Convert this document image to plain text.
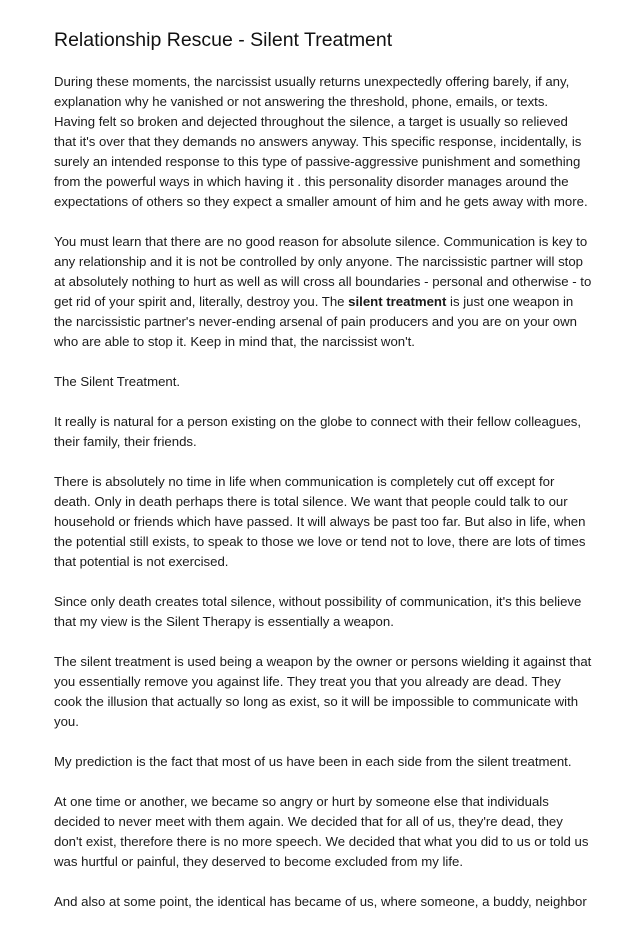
Relationship Rescue - Silent Treatment

During these moments, the narcissist usually returns unexpectedly offering barely, if any, explanation why he vanished or not answering the threshold, phone, emails, or texts. Having felt so broken and dejected throughout the silence, a target is usually so relieved that it's over that they demands no answers anyway. This specific response, incidentally, is surely an intended response to this type of passive-aggressive punishment and something from the powerful ways in which having it . this personality disorder manages around the expectations of others so they expect a smaller amount of him and he gets away with more.

You must learn that there are no good reason for absolute silence. Communication is key to any relationship and it is not be controlled by only anyone. The narcissistic partner will stop at absolutely nothing to hurt as well as will cross all boundaries - personal and otherwise - to get rid of your spirit and, literally, destroy you. The silent treatment is just one weapon in the narcissistic partner's never-ending arsenal of pain producers and you are on your own who are able to stop it. Keep in mind that, the narcissist won't.

The Silent Treatment.

It really is natural for a person existing on the globe to connect with their fellow colleagues, their family, their friends.

There is absolutely no time in life when communication is completely cut off except for death. Only in death perhaps there is total silence. We want that people could talk to our household or friends which have passed. It will always be past too far. But also in life, when the potential still exists, to speak to those we love or tend not to love, there are lots of times that potential is not exercised.

Since only death creates total silence, without possibility of communication, it's this believe that my view is the Silent Therapy is essentially a weapon.

The silent treatment is used being a weapon by the owner or persons wielding it against that you essentially remove you against life. They treat you that you already are dead. They cook the illusion that actually so long as exist, so it will be impossible to communicate with you.

My prediction is the fact that most of us have been in each side from the silent treatment.

At one time or another, we became so angry or hurt by someone else that individuals decided to never meet with them again. We decided that for all of us, they're dead, they don't exist, therefore there is no more speech. We decided that what you did to us or told us was hurtful or painful, they deserved to become excluded from my life.

And also at some point, the identical has became of us, where someone, a buddy, neighbor
